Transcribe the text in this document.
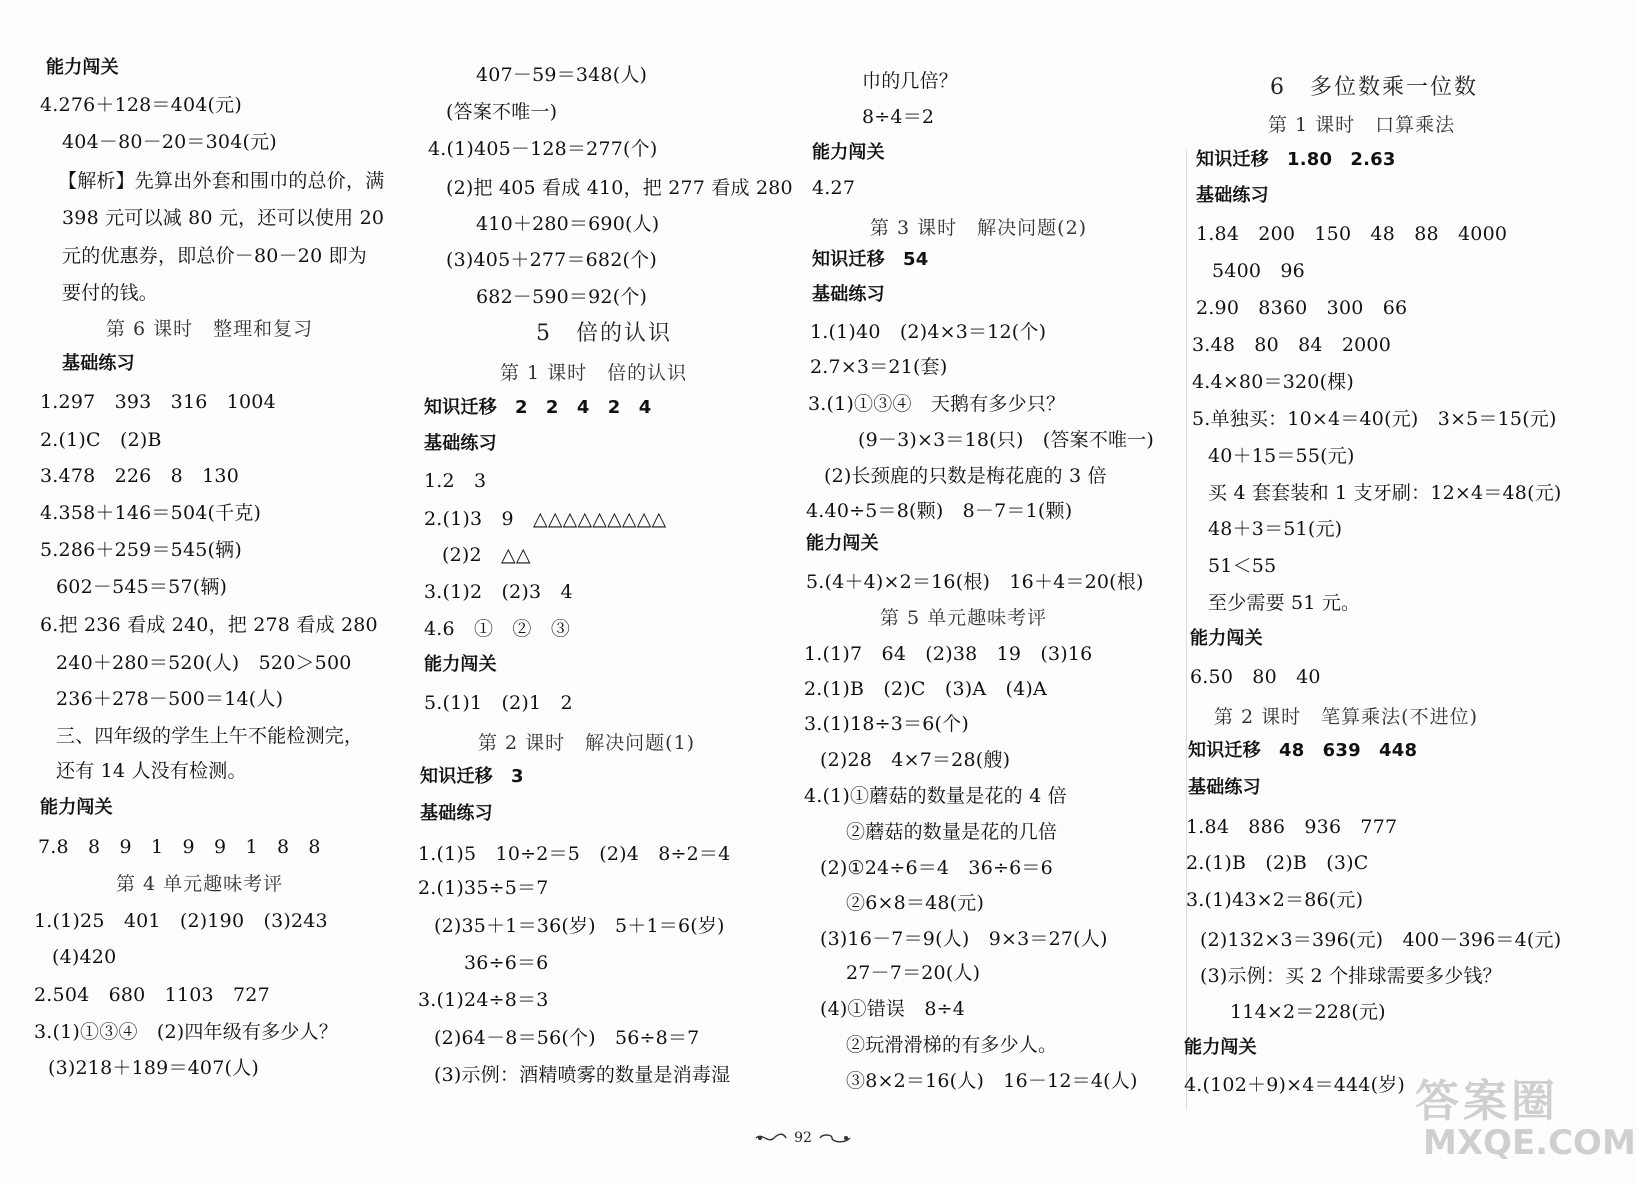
能力闯关
4.276＋128＝404(元)
404－80－20＝304(元)
【解析】先算出外套和围巾的总价，满
398 元可以减 80 元，还可以使用 20
元的优惠券，即总价－80－20 即为
要付的钱。
第 6 课时　整理和复习
基础练习
1.297　393　316　1004
2.(1)C　(2)B
3.478　226　8　130
4.358＋146＝504(千克)
5.286＋259＝545(辆)
602－545＝57(辆)
6.把 236 看成 240，把 278 看成 280
240＋280＝520(人)　520＞500
236＋278－500＝14(人)
三、四年级的学生上午不能检测完，
还有 14 人没有检测。
能力闯关
7.8　8　9　1　9　9　1　8　8
第 4 单元趣味考评
1.(1)25　401　(2)190　(3)243
(4)420
2.504　680　1103　727
3.(1)①③④　(2)四年级有多少人？
(3)218＋189＝407(人)
407－59＝348(人)
(答案不唯一)
4.(1)405－128＝277(个)
(2)把 405 看成 410，把 277 看成 280
410＋280＝690(人)
(3)405＋277＝682(个)
682－590＝92(个)
5　倍的认识
第 1 课时　倍的认识
知识迁移　2　2　4　2　4
基础练习
1.2　3
2.(1)3　9　△△△△△△△△△
(2)2　△△
3.(1)2　(2)3　4
4.6　①　②　③
能力闯关
5.(1)1　(2)1　2
第 2 课时　解决问题(1)
知识迁移　3
基础练习
1.(1)5　10÷2＝5　(2)4　8÷2＝4
2.(1)35÷5＝7
(2)35＋1＝36(岁)　5＋1＝6(岁)
36÷6＝6
3.(1)24÷8＝3
(2)64－8＝56(个)　56÷8＝7
(3)示例：酒精喷雾的数量是消毒湿
巾的几倍？
8÷4＝2
能力闯关
4.27
第 3 课时　解决问题(2)
知识迁移　54
基础练习
1.(1)40　(2)4×3＝12(个)
2.7×3＝21(套)
3.(1)①③④　天鹅有多少只？
(9－3)×3＝18(只)　(答案不唯一)
(2)长颈鹿的只数是梅花鹿的 3 倍
4.40÷5＝8(颗)　8－7＝1(颗)
能力闯关
5.(4＋4)×2＝16(根)　16＋4＝20(根)
第 5 单元趣味考评
1.(1)7　64　(2)38　19　(3)16
2.(1)B　(2)C　(3)A　(4)A
3.(1)18÷3＝6(个)
(2)28　4×7＝28(艘)
4.(1)①蘑菇的数量是花的 4 倍
②蘑菇的数量是花的几倍
(2)①24÷6＝4　36÷6＝6
②6×8＝48(元)
(3)16－7＝9(人)　9×3＝27(人)
27－7＝20(人)
(4)①错误　8÷4
②玩滑滑梯的有多少人。
③8×2＝16(人)　16－12＝4(人)
6　多位数乘一位数
第 1 课时　口算乘法
知识迁移　1.80　2.63
基础练习
1.84　200　150　48　88　4000
5400　96
2.90　8360　300　66
3.48　80　84　2000
4.4×80＝320(棵)
5.单独买：10×4＝40(元)　3×5＝15(元)
40＋15＝55(元)
买 4 套套装和 1 支牙刷：12×4＝48(元)
48＋3＝51(元)
51＜55
至少需要 51 元。
能力闯关
6.50　80　40
第 2 课时　笔算乘法(不进位)
知识迁移　48　639　448
基础练习
1.84　886　936　777
2.(1)B　(2)B　(3)C
3.(1)43×2＝86(元)
(2)132×3＝396(元)　400－396＝4(元)
(3)示例：买 2 个排球需要多少钱？
114×2＝228(元)
能力闯关
4.(102＋9)×4＝444(岁)
92
答案圈
MXQE.COM
